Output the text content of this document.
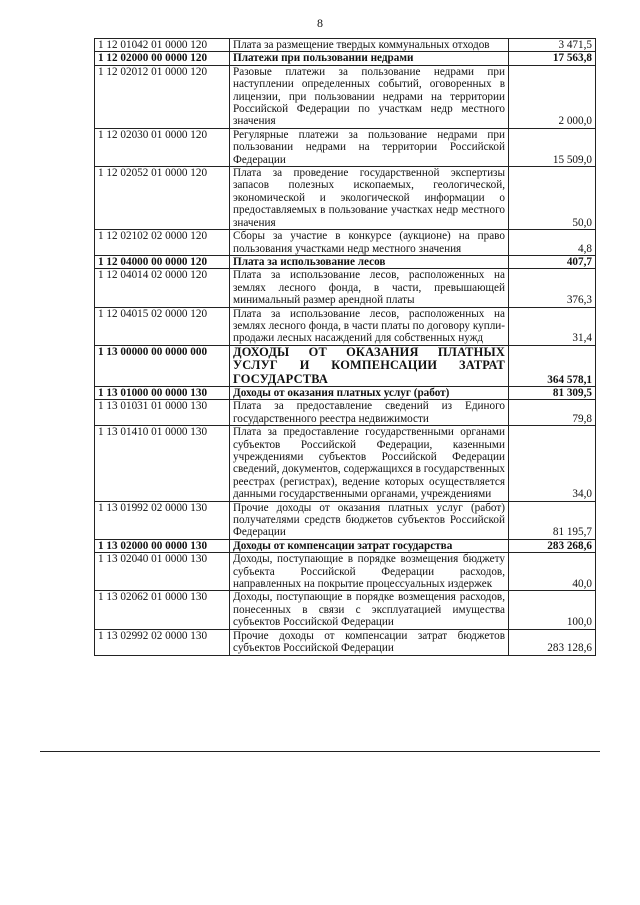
8
1 12 01042 01 0000 120	Плата за размещение твердых коммунальных отходов	3 471,5
1 12 02000 00 0000 120	Платежи при пользовании недрами	17 563,8
1 12 02012 01 0000 120	Разовые платежи за пользование недрами при наступлении определенных событий, оговоренных в лицензии, при пользовании недрами на территории Российской Федерации по участкам недр местного значения	2 000,0
1 12 02030 01 0000 120	Регулярные платежи за пользование недрами при пользовании недрами на территории Российской Федерации	15 509,0
1 12 02052 01 0000 120	Плата за проведение государственной экспертизы запасов полезных ископаемых, геологической, экономической и экологической информации о предоставляемых в пользование участках недр местного значения	50,0
1 12 02102 02 0000 120	Сборы за участие в конкурсе (аукционе) на право пользования участками недр местного значения	4,8
1 12 04000 00 0000 120	Плата за использование лесов	407,7
1 12 04014 02 0000 120	Плата за использование лесов, расположенных на землях лесного фонда, в части, превышающей минимальный размер арендной платы	376,3
1 12 04015 02 0000 120	Плата за использование лесов, расположенных на землях лесного фонда, в части платы по договору купли-продажи лесных насаждений для собственных нужд	31,4
1 13 00000 00 0000 000	ДОХОДЫ ОТ ОКАЗАНИЯ ПЛАТНЫХ УСЛУГ И КОМПЕНСАЦИИ ЗАТРАТ ГОСУДАРСТВА	364 578,1
1 13 01000 00 0000 130	Доходы от оказания платных услуг (работ)	81 309,5
1 13 01031 01 0000 130	Плата за предоставление сведений из Единого государственного реестра недвижимости	79,8
1 13 01410 01 0000 130	Плата за предоставление государственными органами субъектов Российской Федерации, казенными учреждениями субъектов Российской Федерации сведений, документов, содержащихся в государственных реестрах (регистрах), ведение которых осуществляется данными государственными органами, учреждениями	34,0
1 13 01992 02 0000 130	Прочие доходы от оказания платных услуг (работ) получателями средств бюджетов субъектов Российской Федерации	81 195,7
1 13 02000 00 0000 130	Доходы от компенсации затрат государства	283 268,6
1 13 02040 01 0000 130	Доходы, поступающие в порядке возмещения бюджету субъекта Российской Федерации расходов, направленных на покрытие процессуальных издержек	40,0
1 13 02062 01 0000 130	Доходы, поступающие в порядке возмещения расходов, понесенных в связи с эксплуатацией имущества субъектов Российской Федерации	100,0
1 13 02992 02 0000 130	Прочие доходы от компенсации затрат бюджетов субъектов Российской Федерации	283 128,6
